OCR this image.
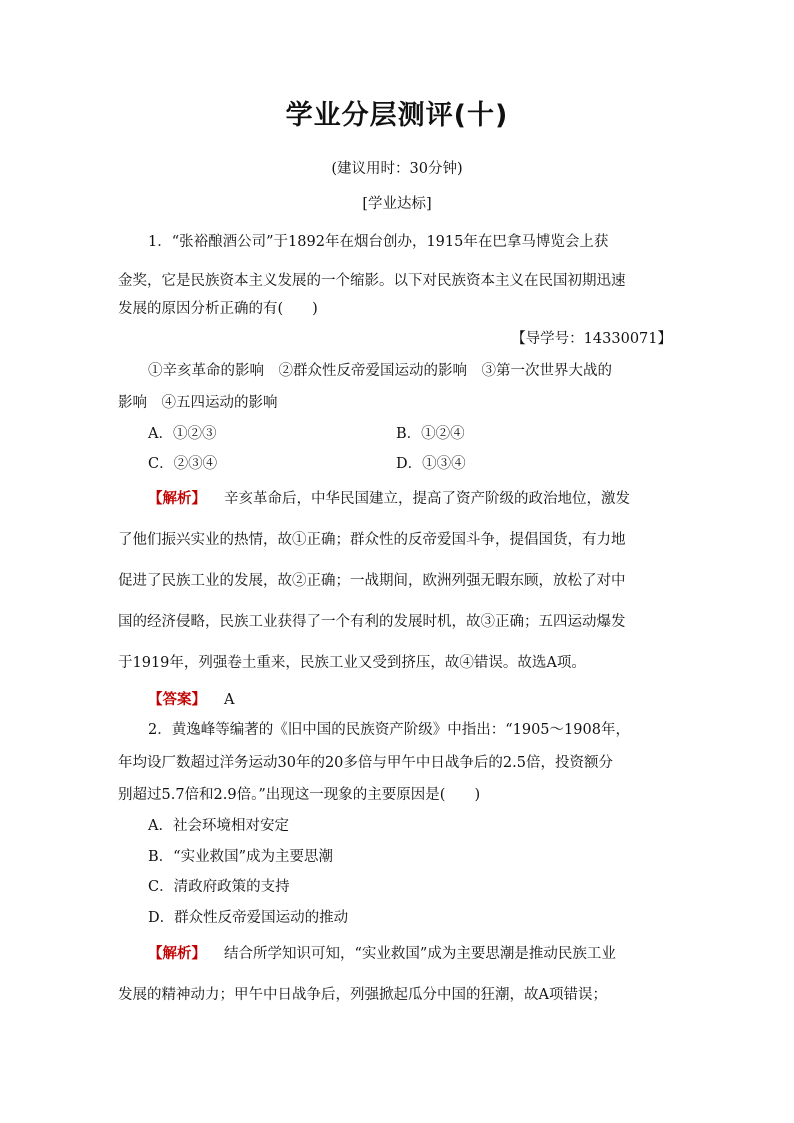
学业分层测评(十)
(建议用时：30分钟)
[学业达标]
1．“张裕酿酒公司”于1892年在烟台创办，1915年在巴拿马博览会上获
金奖，它是民族资本主义发展的一个缩影。以下对民族资本主义在民国初期迅速
发展的原因分析正确的有(　　)
【导学号：14330071】
①辛亥革命的影响　②群众性反帝爱国运动的影响　③第一次世界大战的
影响　④五四运动的影响
A．①②③	B．①②④
C．②③④	D．①③④
【解析】 辛亥革命后，中华民国建立，提高了资产阶级的政治地位，激发
了他们振兴实业的热情，故①正确；群众性的反帝爱国斗争，提倡国货，有力地
促进了民族工业的发展，故②正确；一战期间，欧洲列强无暇东顾，放松了对中
国的经济侵略，民族工业获得了一个有利的发展时机，故③正确；五四运动爆发
于1919年，列强卷土重来，民族工业又受到挤压，故④错误。故选A项。
【答案】 A
2．黄逸峰等编著的《旧中国的民族资产阶级》中指出：“1905～1908年，
年均设厂数超过洋务运动30年的20多倍与甲午中日战争后的2.5倍，投资额分
别超过5.7倍和2.9倍。”出现这一现象的主要原因是(　　)
A．社会环境相对安定
B．“实业救国”成为主要思潮
C．清政府政策的支持
D．群众性反帝爱国运动的推动
【解析】 结合所学知识可知，“实业救国”成为主要思潮是推动民族工业
发展的精神动力；甲午中日战争后，列强掀起瓜分中国的狂潮，故A项错误；
